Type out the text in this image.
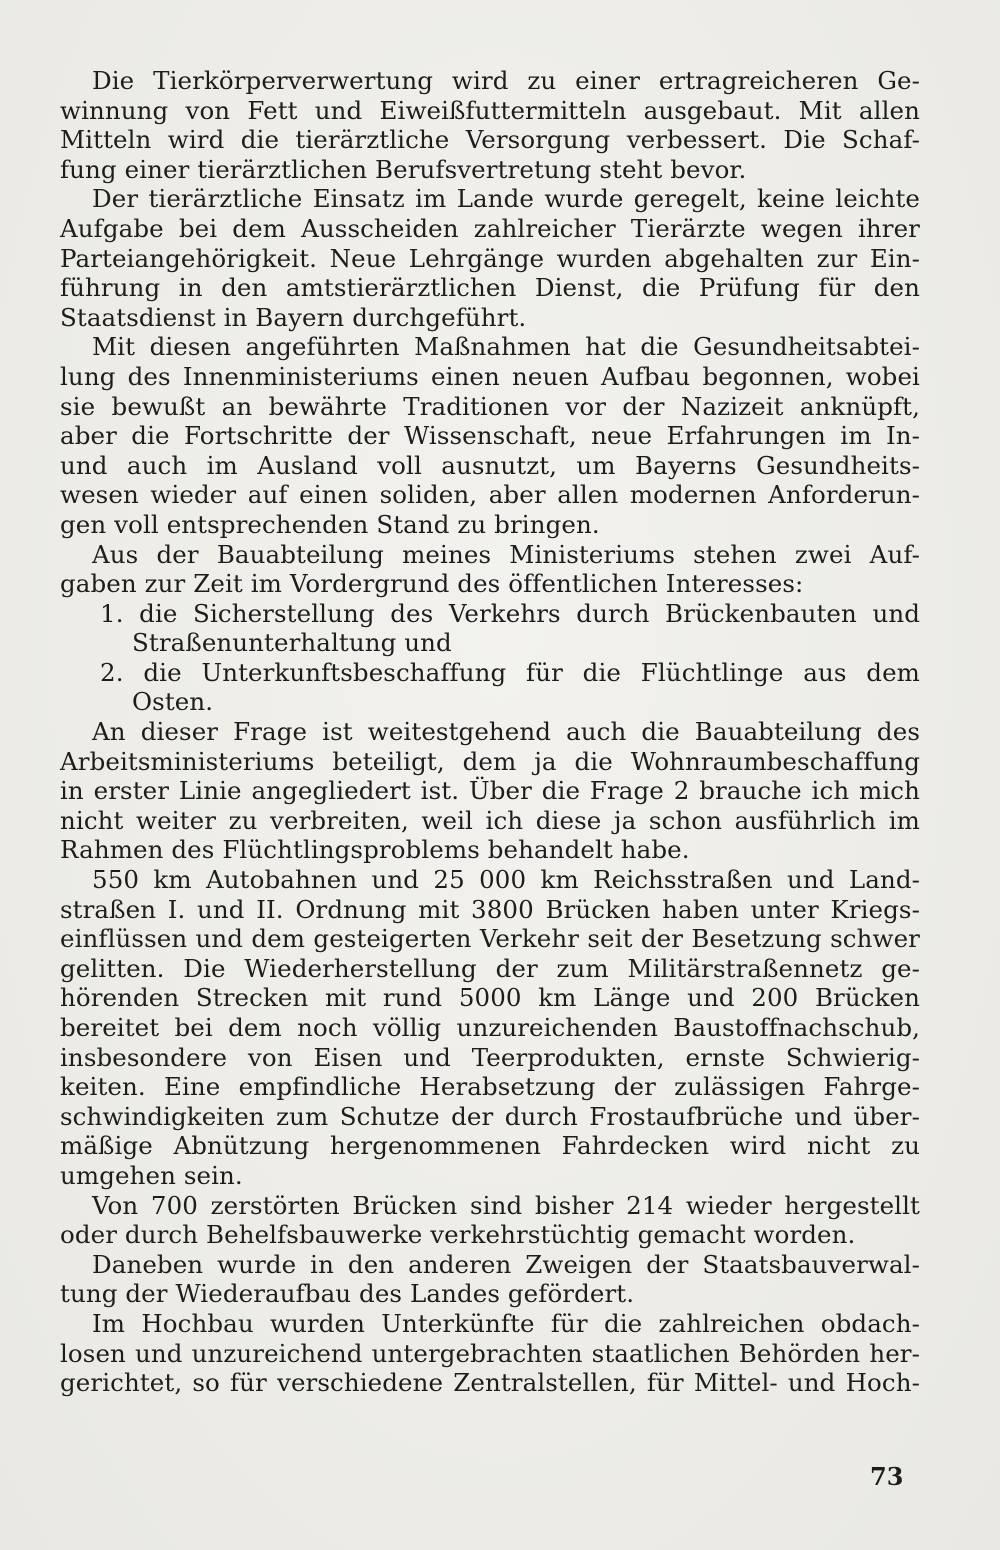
Die Tierkörperverwertung wird zu einer ertragreicheren Ge-
winnung von Fett und Eiweißfuttermitteln ausgebaut. Mit allen
Mitteln wird die tierärztliche Versorgung verbessert. Die Schaf-
fung einer tierärztlichen Berufsvertretung steht bevor.
Der tierärztliche Einsatz im Lande wurde geregelt, keine leichte
Aufgabe bei dem Ausscheiden zahlreicher Tierärzte wegen ihrer
Parteiangehörigkeit. Neue Lehrgänge wurden abgehalten zur Ein-
führung in den amtstierärztlichen Dienst, die Prüfung für den
Staatsdienst in Bayern durchgeführt.
Mit diesen angeführten Maßnahmen hat die Gesundheitsabtei-
lung des Innenministeriums einen neuen Aufbau begonnen, wobei
sie bewußt an bewährte Traditionen vor der Nazizeit anknüpft,
aber die Fortschritte der Wissenschaft, neue Erfahrungen im In-
und auch im Ausland voll ausnutzt, um Bayerns Gesundheits-
wesen wieder auf einen soliden, aber allen modernen Anforderun-
gen voll entsprechenden Stand zu bringen.
Aus der Bauabteilung meines Ministeriums stehen zwei Auf-
gaben zur Zeit im Vordergrund des öffentlichen Interesses:
1. die Sicherstellung des Verkehrs durch Brückenbauten und
Straßenunterhaltung und
2. die Unterkunftsbeschaffung für die Flüchtlinge aus dem
Osten.
An dieser Frage ist weitestgehend auch die Bauabteilung des
Arbeitsministeriums beteiligt, dem ja die Wohnraumbeschaffung
in erster Linie angegliedert ist. Über die Frage 2 brauche ich mich
nicht weiter zu verbreiten, weil ich diese ja schon ausführlich im
Rahmen des Flüchtlingsproblems behandelt habe.
550 km Autobahnen und 25 000 km Reichsstraßen und Land-
straßen I. und II. Ordnung mit 3800 Brücken haben unter Kriegs-
einflüssen und dem gesteigerten Verkehr seit der Besetzung schwer
gelitten. Die Wiederherstellung der zum Militärstraßennetz ge-
hörenden Strecken mit rund 5000 km Länge und 200 Brücken
bereitet bei dem noch völlig unzureichenden Baustoffnachschub,
insbesondere von Eisen und Teerprodukten, ernste Schwierig-
keiten. Eine empfindliche Herabsetzung der zulässigen Fahrge-
schwindigkeiten zum Schutze der durch Frostaufbrüche und über-
mäßige Abnützung hergenommenen Fahrdecken wird nicht zu
umgehen sein.
Von 700 zerstörten Brücken sind bisher 214 wieder hergestellt
oder durch Behelfsbauwerke verkehrstüchtig gemacht worden.
Daneben wurde in den anderen Zweigen der Staatsbauverwal-
tung der Wiederaufbau des Landes gefördert.
Im Hochbau wurden Unterkünfte für die zahlreichen obdach-
losen und unzureichend untergebrachten staatlichen Behörden her-
gerichtet, so für verschiedene Zentralstellen, für Mittel- und Hoch-
73
